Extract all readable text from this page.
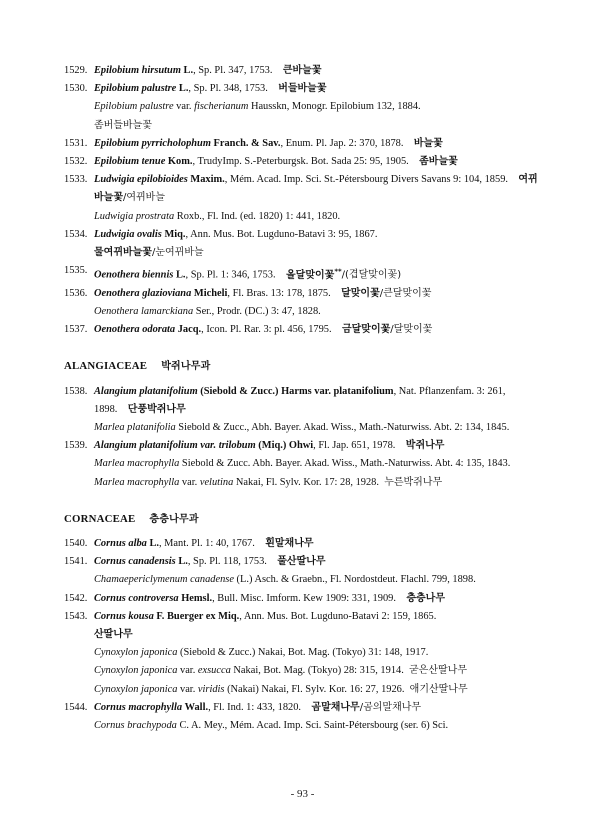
1529. Epilobium hirsutum L., Sp. Pl. 347, 1753. 큰바늘꽃

1530. Epilobium palustre L., Sp. Pl. 348, 1753. 버들바늘꽃
Epilobium palustre var. fischerianum Hausskn, Monogr. Epilobium 132, 1884.
좀버들바늘꽃

1531. Epilobium pyrricholophum Franch. & Sav., Enum. Pl. Jap. 2: 370, 1878. 바늘꽃

1532. Epilobium tenue Kom., TrudyImp. S.-Peterburgsk. Bot. Sada 25: 95, 1905. 좀바늘꽃

1533. Ludwigia epilobioides Maxim., Mém. Acad. Imp. Sci. St.-Pétersbourg Divers Savans 9: 104, 1859. 여뀌바늘꽃/여뀌바늘
Ludwigia prostrata Roxb., Fl. Ind. (ed. 1820) 1: 441, 1820.

1534. Ludwigia ovalis Miq., Ann. Mus. Bot. Lugduno-Batavi 3: 95, 1867.
물여뀌바늘꽃/눈여뀌바늘

1535. Oenothera biennis L., Sp. Pl. 1: 346, 1753. 올달맞이꽃**/(겹달맞이꽃)

1536. Oenothera glazioviana Micheli, Fl. Bras. 13: 178, 1875. 달맞이꽃/큰달맞이꽃
Oenothera lamarckiana Ser., Prodr. (DC.) 3: 47, 1828.

1537. Oenothera odorata Jacq., Icon. Pl. Rar. 3: pl. 456, 1795. 금달맞이꽃/달맞이꽃

ALANGIACEAE 박쥐나무과

1538. Alangium platanifolium (Siebold & Zucc.) Harms var. platanifolium, Nat. Pflanzenfam. 3: 261, 1898. 단풍박쥐나무
Marlea platanifolia Siebold & Zucc., Abh. Bayer. Akad. Wiss., Math.-Naturwiss. Abt. 2: 134, 1845.

1539. Alangium platanifolium var. trilobum (Miq.) Ohwi, Fl. Jap. 651, 1978. 박쥐나무
Marlea macrophylla Siebold & Zucc. Abh. Bayer. Akad. Wiss., Math.-Naturwiss. Abt. 4: 135, 1843.
Marlea macrophylla var. velutina Nakai, Fl. Sylv. Kor. 17: 28, 1928. 누른박쥐나무

CORNACEAE 층층나무과

1540. Cornus alba L., Mant. Pl. 1: 40, 1767. 흰말채나무

1541. Cornus canadensis L., Sp. Pl. 118, 1753. 풀산딸나무
Chamaepericlymenum canadense (L.) Asch. & Graebn., Fl. Nordostdeut. Flachl. 799, 1898.

1542. Cornus controversa Hemsl., Bull. Misc. Imform. Kew 1909: 331, 1909. 층층나무

1543. Cornus kousa F. Buerger ex Miq., Ann. Mus. Bot. Lugduno-Batavi 2: 159, 1865.
산딸나무
Cynoxylon japonica (Siebold & Zucc.) Nakai, Bot. Mag. (Tokyo) 31: 148, 1917.
Cynoxylon japonica var. exsucca Nakai, Bot. Mag. (Tokyo) 28: 315, 1914. 굳은산딸나무
Cynoxylon japonica var. viridis (Nakai) Nakai, Fl. Sylv. Kor. 16: 27, 1926. 애기산딸나무

1544. Cornus macrophylla Wall., Fl. Ind. 1: 433, 1820. 곰말채나무/곰의말채나무
Cornus brachypoda C. A. Mey., Mém. Acad. Imp. Sci. Saint-Pétersbourg (ser. 6) Sci.

- 93 -
